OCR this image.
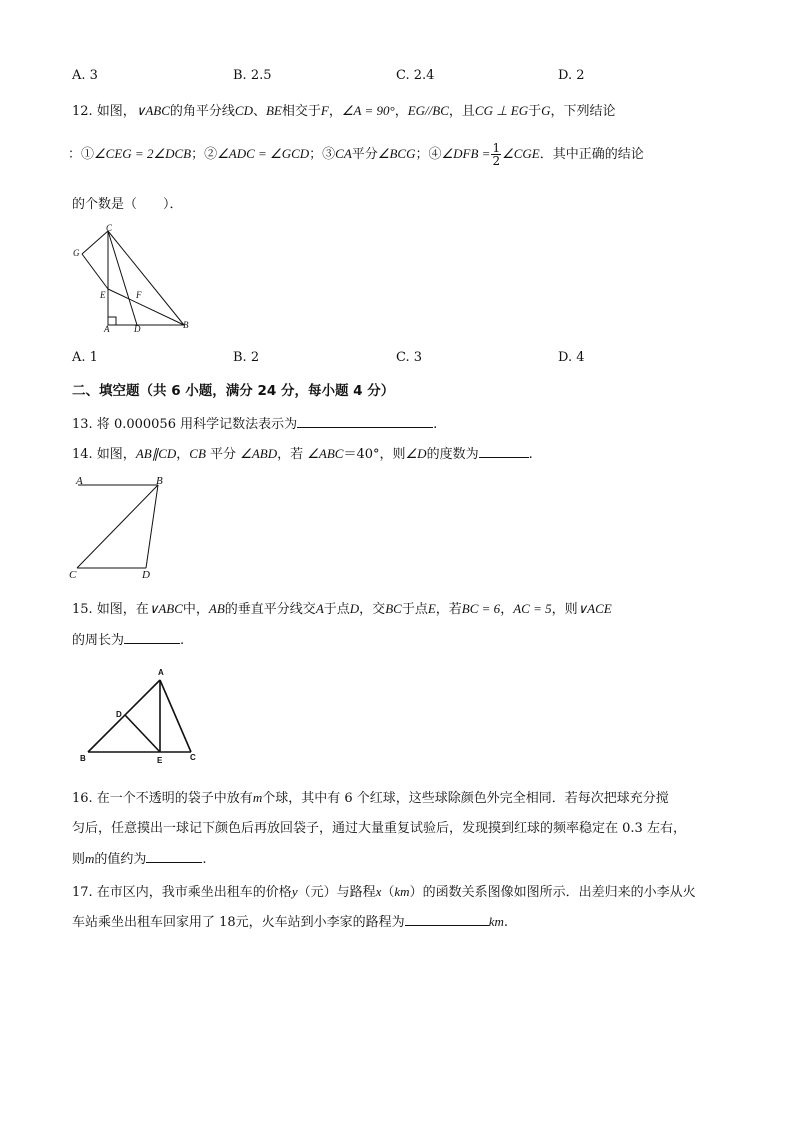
A. 3	B. 2.5	C. 2.4	D. 2
12. 如图，∨ABC的角平分线CD、BE相交于F，∠A = 90°，EG//BC，且CG ⊥ EG于G，下列结论
：①∠CEG = 2∠DCB；②∠ADC = ∠GCD；③CA平分∠BCG；④∠DFB = $\frac{1}{2}$ ∠CGE．其中正确的结论
的个数是（　　）．
C
G
E	F
A	D	B
A. 1	B. 2	C. 3	D. 4
二、填空题（共 6 小题，满分 24 分，每小题 4 分）
13. 将 0.000056 用科学记数法表示为	.
14. 如图，AB∥CD，CB 平分 ∠ABD，若 ∠ABC＝40°，则∠D的度数为	.
A	B
C	D
15. 如图，在∨ABC中，AB的垂直平分线交A于点D，交BC于点E，若BC = 6，AC = 5，则∨ACE
的周长为	.
A
D
B	E	C
16. 在一个不透明的袋子中放有m个球，其中有 6 个红球，这些球除颜色外完全相同．若每次把球充分搅
匀后，任意摸出一球记下颜色后再放回袋子，通过大量重复试验后，发现摸到红球的频率稳定在 0.3 左右，
则m的值约为	.
17. 在市区内，我市乘坐出租车的价格y（元）与路程x（km）的函数关系图像如图所示．出差归来的小李从火
车站乘坐出租车回家用了 18元，火车站到小李家的路程为	km.
